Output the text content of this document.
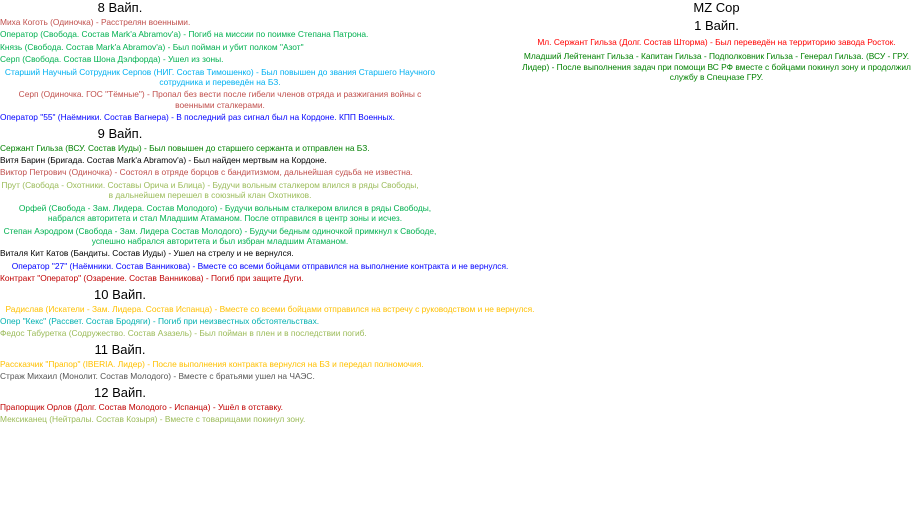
8 Вайп.
Миха Коготь (Одиночка) - Расстрелян военными.
Оператор (Свобода. Состав Mark'a Abramov'a) - Погиб на миссии по поимке Степана Патрона.
Князь (Свобода. Состав Mark'a Abramov'a) - Был пойман и убит полком "Азот"
Серп (Свобода. Состав Шона Дэлфорда) - Ушел из зоны.
Старший Научный Сотрудник Серпов (НИГ. Состав Тимошенко) - Был повышен до звания Старшего Научного сотрудника и переведён на БЗ.
Серп (Одиночка. ГОС "Тёмные") - Пропал без вести после гибели членов отряда и разжигания войны с военными сталкерами.
Оператор "55" (Наёмники. Состав Вагнера) - В последний раз сигнал был на Кордоне. КПП Военных.
9 Вайп.
Сержант Гильза (ВСУ. Состав Иуды) - Был повышен до старшего сержанта и отправлен на БЗ.
Витя Барин (Бригада. Состав Mark'a Abramov'a) - Был найден мертвым на Кордоне.
Виктор Петрович (Одиночка) - Состоял в отряде борцов с бандитизмом, дальнейшая судьба не известна.
Прут (Свобода - Охотники. Составы Орича и Блица) - Будучи вольным сталкером влился в ряды Свободы, в дальнейшем перешел в союзный клан Охотников.
Орфей (Свобода - Зам. Лидера. Состав Молодого) - Будучи вольным сталкером влился в ряды Свободы, набрался авторитета и стал Младшим Атаманом. После отправился в центр зоны и исчез.
Степан Аэродром (Свобода - Зам. Лидера Состав Молодого) - Будучи бедным одиночкой примкнул к Свободе, успешно набрался авторитета и был избран младшим Атаманом.
Виталя Кит Катов (Бандиты. Состав Иуды) - Ушел на стрелу и не вернулся.
Оператор "27" (Наёмники. Состав Ванникова) - Вместе со всеми бойцами отправился на выполнение контракта и не вернулся.
Контракт "Оператор" (Озарение. Состав Ванникова) - Погиб при защите Дуги.
10 Вайп.
Радислав (Искатели - Зам. Лидера. Состав Испанца) - Вместе со всеми бойцами отправился на встречу с руководством и не вернулся.
Опер "Кекс" (Рассвет. Состав Бродяги) - Погиб при неизвестных обстоятельствах.
Федос Табуретка (Содружество. Состав Азазель) - Был пойман в плен и в последствии погиб.
11 Вайп.
Рассказчик "Прапор" (IBERIA. Лидер) - После выполнения контракта вернулся на БЗ и передал полномочия.
Страж Михаил (Монолит. Состав Молодого) - Вместе с братьями ушел на ЧАЭС.
12 Вайп.
Прапорщик Орлов (Долг. Состав Молодого - Испанца) - Ушёл в отставку.
Мексиканец (Нейтралы. Состав Козыря) - Вместе с товарищами покинул зону.
MZ Cop
1 Вайп.
Мл. Сержант Гильза (Долг. Состав Шторма) - Был переведён на территорию завода Росток.
Младший Лейтенант Гильза - Капитан Гильза - Подполковник Гильза - Генерал Гильза. (ВСУ - ГРУ. Лидер) - После выполнения задач при помощи ВС РФ вместе с бойцами покинул зону и продолжил службу в Спецназе ГРУ.
